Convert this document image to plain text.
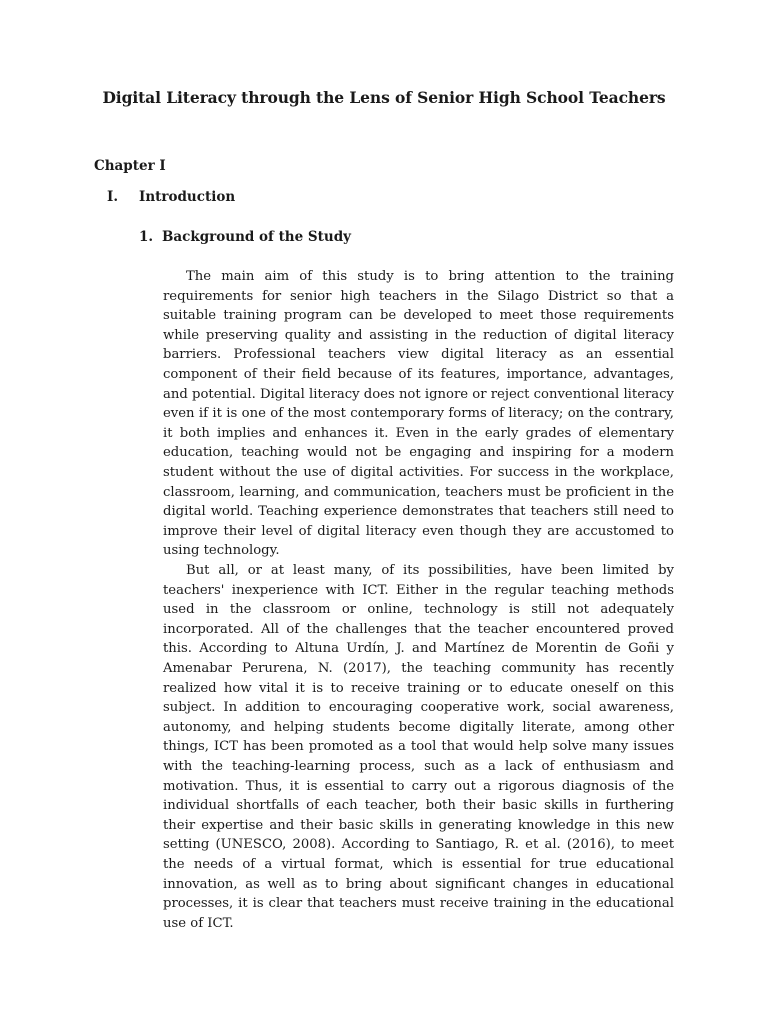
Digital Literacy through the Lens of Senior High School Teachers
Chapter I
I. Introduction
1. Background of the Study

The main aim of this study is to bring attention to the training requirements for senior high teachers in the Silago District so that a suitable training program can be developed to meet those requirements while preserving quality and assisting in the reduction of digital literacy barriers. Professional teachers view digital literacy as an essential component of their field because of its features, importance, advantages, and potential. Digital literacy does not ignore or reject conventional literacy even if it is one of the most contemporary forms of literacy; on the contrary, it both implies and enhances it. Even in the early grades of elementary education, teaching would not be engaging and inspiring for a modern student without the use of digital activities. For success in the workplace, classroom, learning, and communication, teachers must be proficient in the digital world. Teaching experience demonstrates that teachers still need to improve their level of digital literacy even though they are accustomed to using technology.

But all, or at least many, of its possibilities, have been limited by teachers' inexperience with ICT. Either in the regular teaching methods used in the classroom or online, technology is still not adequately incorporated. All of the challenges that the teacher encountered proved this. According to Altuna Urdín, J. and Martínez de Morentin de Goñi y Amenabar Perurena, N. (2017), the teaching community has recently realized how vital it is to receive training or to educate oneself on this subject. In addition to encouraging cooperative work, social awareness, autonomy, and helping students become digitally literate, among other things, ICT has been promoted as a tool that would help solve many issues with the teaching-learning process, such as a lack of enthusiasm and motivation. Thus, it is essential to carry out a rigorous diagnosis of the individual shortfalls of each teacher, both their basic skills in furthering their expertise and their basic skills in generating knowledge in this new setting (UNESCO, 2008). According to Santiago, R. et al. (2016), to meet the needs of a virtual format, which is essential for true educational innovation, as well as to bring about significant changes in educational processes, it is clear that teachers must receive training in the educational use of ICT.
